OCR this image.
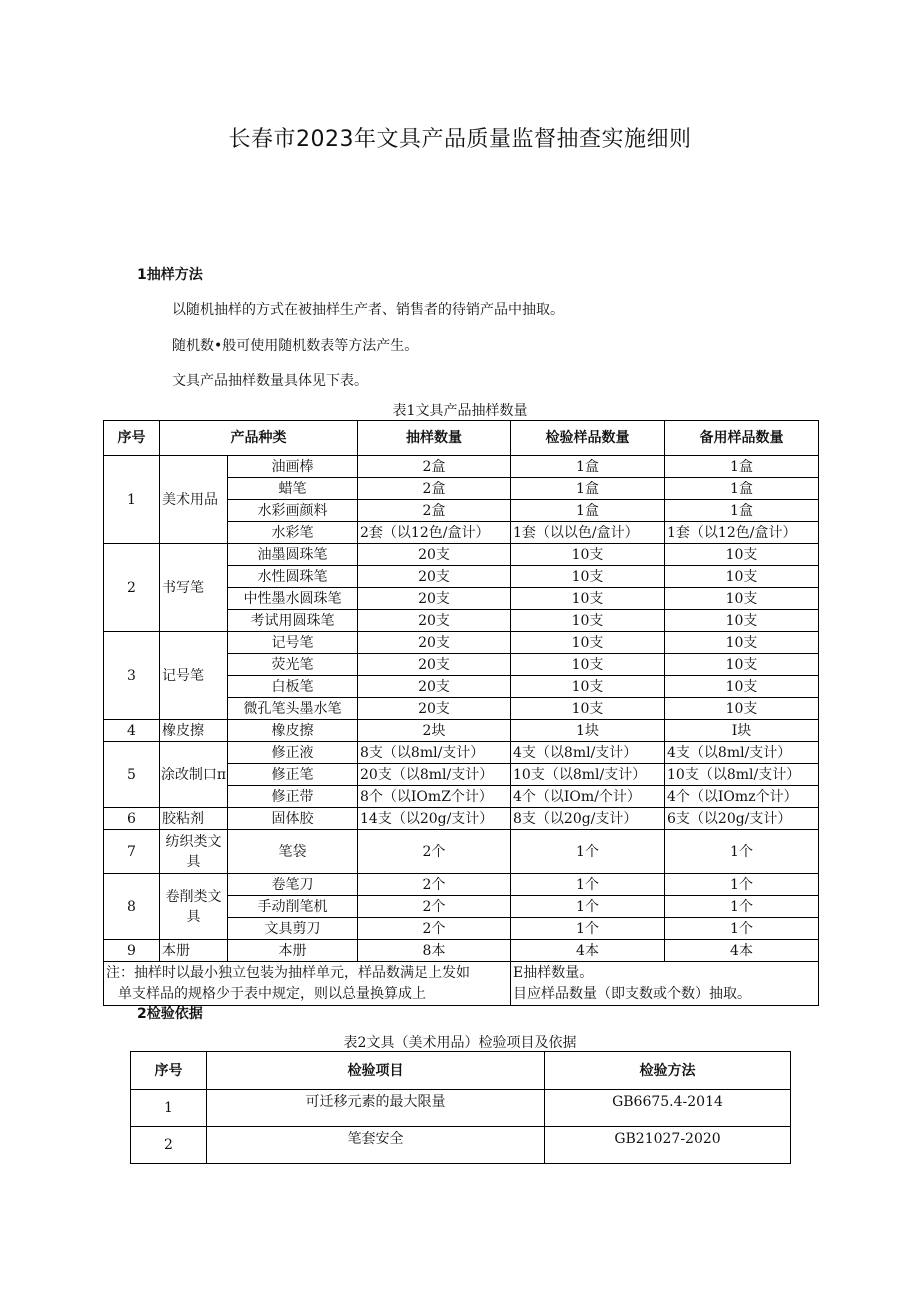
长春市2023年文具产品质量监督抽查实施细则
1抽样方法
以随机抽样的方式在被抽样生产者、销售者的待销产品中抽取。
随机数•般可使用随机数表等方法产生。
文具产品抽样数量具体见下表。
表1文具产品抽样数量
序号	产品种类		抽样数量	检验样品数量	备用样品数量
1	美术用品	油画棒	2盒	1盒	1盒
		蜡笔	2盒	1盒	1盒
		水彩画颜料	2盒	1盒	1盒
		水彩笔	2套（以12色/盒计）	1套（以以色/盒计）	1套（以12色/盒计）
2	书写笔	油墨圆珠笔	20支	10支	10支
		水性圆珠笔	20支	10支	10支
		中性墨水圆珠笔	20支	10支	10支
		考试用圆珠笔	20支	10支	10支
3	记号笔	记号笔	20支	10支	10支
		荧光笔	20支	10支	10支
		白板笔	20支	10支	10支
		微孔笔头墨水笔	20支	10支	10支
4	橡皮擦	橡皮擦	2块	1块	I块
5	涂改制口π	修正液	8支（以8ml/支计）	4支（以8ml/支计）	4支（以8ml/支计）
		修正笔	20支（以8ml/支计）	10支（以8ml/支计）	10支（以8ml/支计）
		修正带	8个（以IOmZ个计）	4个（以IOm/个计）	4个（以IOmz个计）
6	胶粘剂	固体胶	14支（以20g/支计）	8支（以20g/支计）	6支（以20g/支计）
7	纺织类文具	笔袋	2个	1个	1个
8	卷削类文具	卷笔刀	2个	1个	1个
		手动削笔机	2个	1个	1个
		文具剪刀	2个	1个	1个
9	本册	本册	8本	4本	4本
注：抽样时以最小独立包装为抽样单元，样品数满足上发如				E抽样数量。	
单支样品的规格少于表中规定，则以总量换算成上				目应样品数量（即支数或个数）抽取。	
2检验依据
表2文具（美术用品）检验项目及依据
序号	检验项目	检验方法
1	可迁移元素的最大限量	GB6675.4-2014
2	笔套安全	GB21027-2020
